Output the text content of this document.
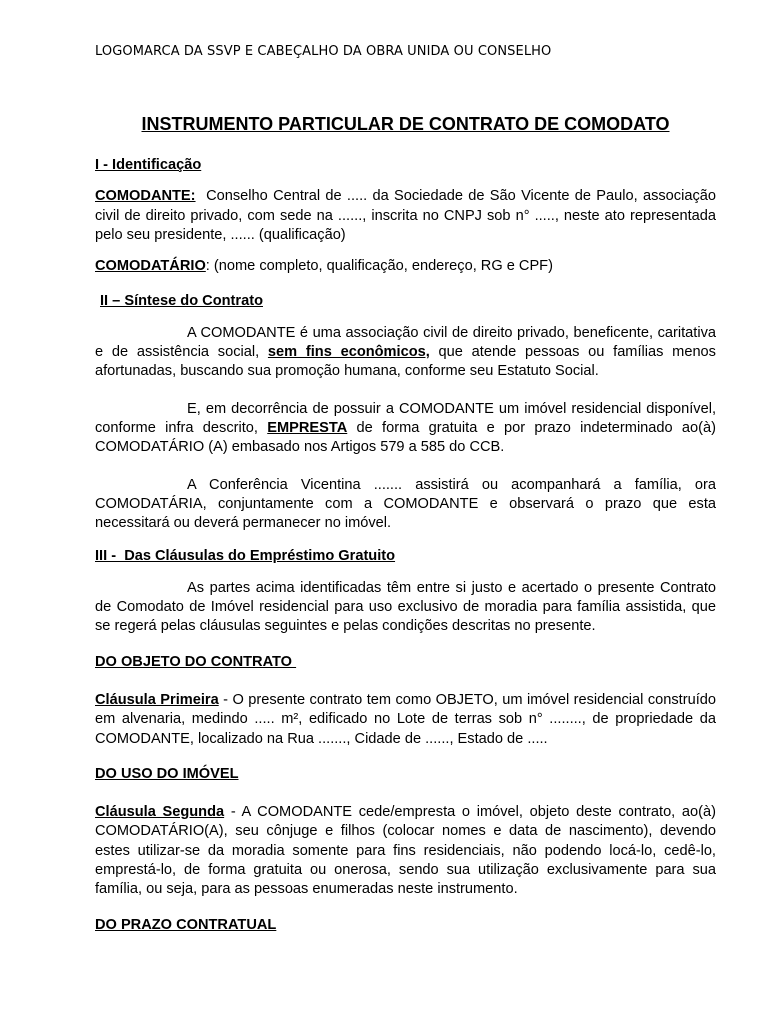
LOGOMARCA DA SSVP E CABEÇALHO DA OBRA UNIDA OU CONSELHO
INSTRUMENTO PARTICULAR DE CONTRATO DE COMODATO
I - Identificação

COMODANTE:  Conselho Central de ..... da Sociedade de São Vicente de Paulo, associação civil de direito privado, com sede na ......, inscrita no CNPJ sob n° ....., neste ato representada pelo seu presidente, ...... (qualificação)

COMODATÁRIO: (nome completo, qualificação, endereço, RG e CPF)

II – Síntese do Contrato

A COMODANTE é uma associação civil de direito privado, beneficente, caritativa e de assistência social, sem fins econômicos, que atende pessoas ou famílias menos afortunadas, buscando sua promoção humana, conforme seu Estatuto Social.

E, em decorrência de possuir a COMODANTE um imóvel residencial disponível, conforme infra descrito, EMPRESTA de forma gratuita e por prazo indeterminado ao(à) COMODATÁRIO (A) embasado nos Artigos 579 a 585 do CCB.

A Conferência Vicentina ....... assistirá ou acompanhará a família, ora COMODATÁRIA, conjuntamente com a COMODANTE e observará o prazo que esta necessitará ou deverá permanecer no imóvel.

III -  Das Cláusulas do Empréstimo Gratuito

As partes acima identificadas têm entre si justo e acertado o presente Contrato de Comodato de Imóvel residencial para uso exclusivo de moradia para família assistida, que se regerá pelas cláusulas seguintes e pelas condições descritas no presente.

DO OBJETO DO CONTRATO

Cláusula Primeira - O presente contrato tem como OBJETO, um imóvel residencial construído em alvenaria, medindo ..... m², edificado no Lote de terras sob n° ........, de propriedade da COMODANTE, localizado na Rua ......., Cidade de ......, Estado de .....

DO USO DO IMÓVEL

Cláusula Segunda - A COMODANTE cede/empresta o imóvel, objeto deste contrato, ao(à) COMODATÁRIO(A), seu cônjuge e filhos (colocar nomes e data de nascimento), devendo estes utilizar-se da moradia somente para fins residenciais, não podendo locá-lo, cedê-lo, emprestá-lo, de forma gratuita ou onerosa, sendo sua utilização exclusivamente para sua família, ou seja, para as pessoas enumeradas neste instrumento.

DO PRAZO CONTRATUAL
